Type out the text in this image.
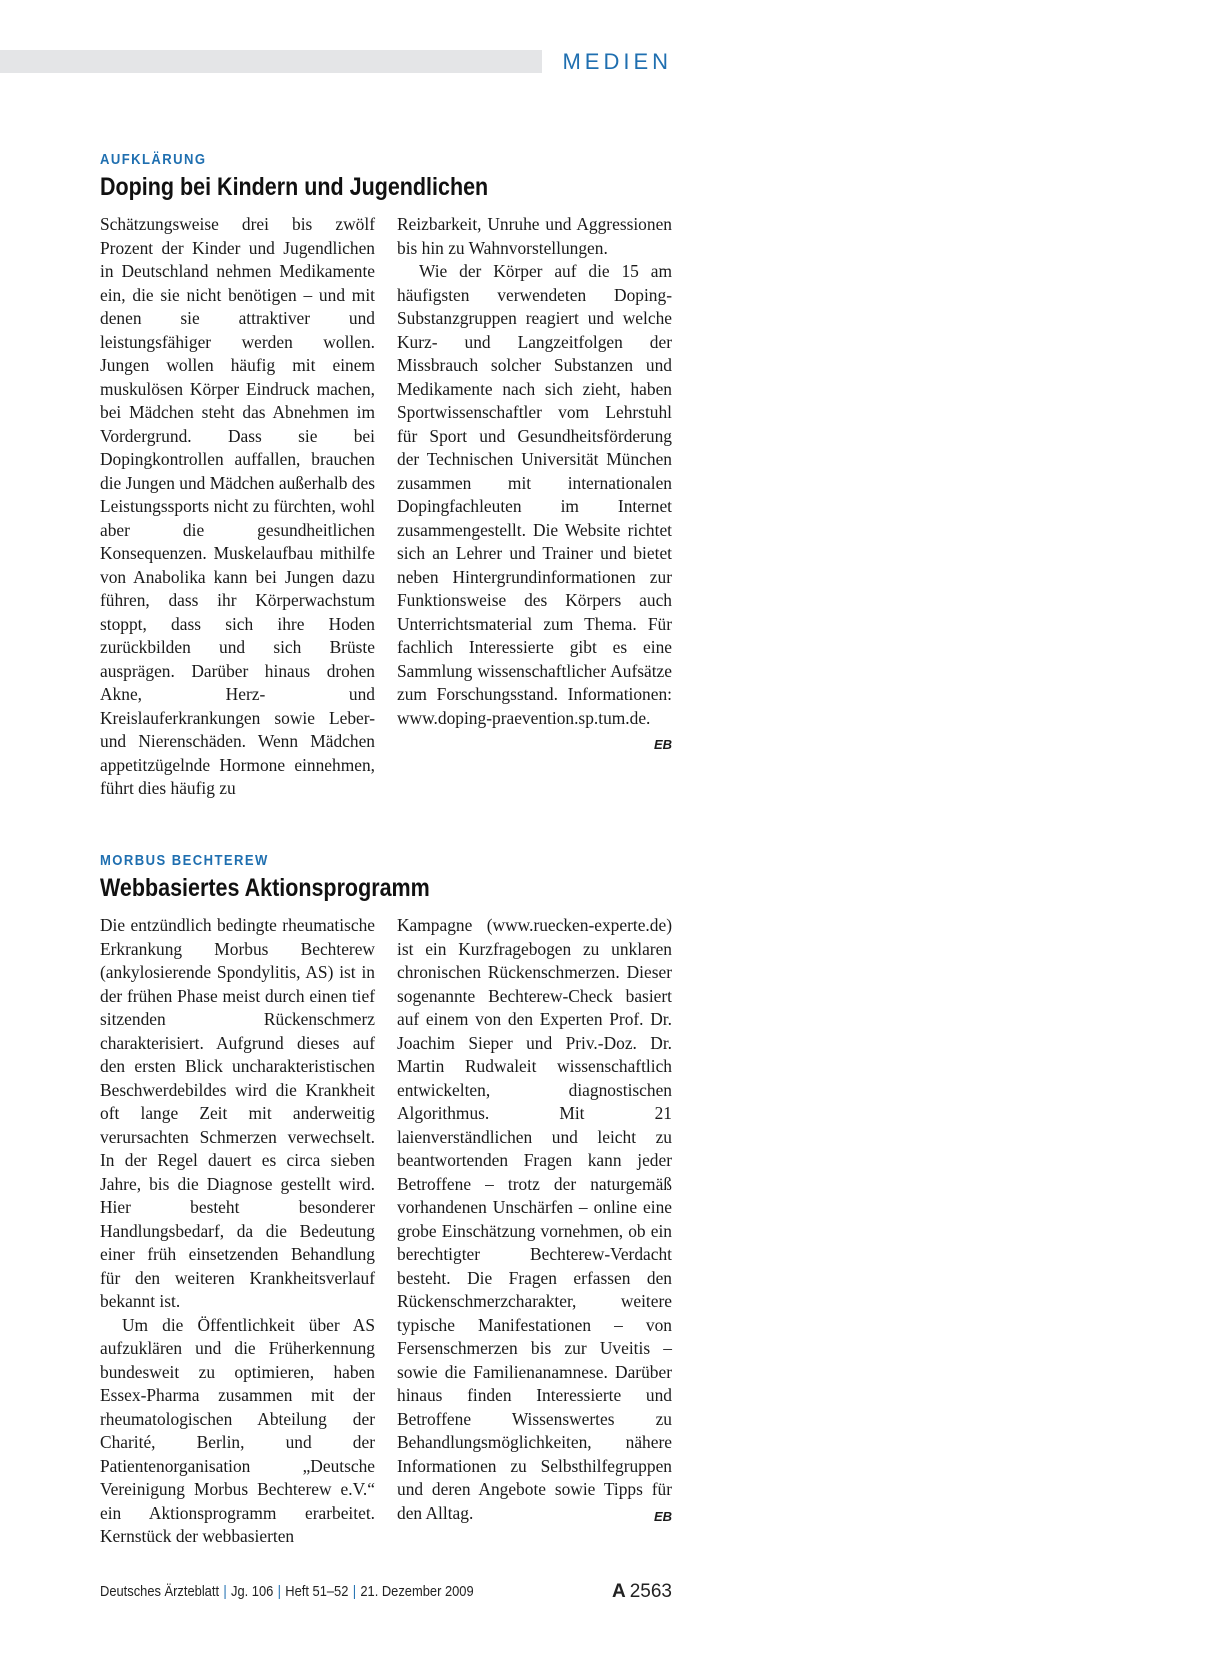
MEDIEN
AUFKLÄRUNG
Doping bei Kindern und Jugendlichen

Schätzungsweise drei bis zwölf Prozent der Kinder und Jugendlichen in Deutschland nehmen Medikamente ein, die sie nicht benötigen – und mit denen sie attraktiver und leistungsfähiger werden wollen. Jungen wollen häufig mit einem muskulösen Körper Eindruck machen, bei Mädchen steht das Abnehmen im Vordergrund. Dass sie bei Dopingkontrollen auffallen, brauchen die Jungen und Mädchen außerhalb des Leistungssports nicht zu fürchten, wohl aber die gesundheitlichen Konsequenzen. Muskelaufbau mithilfe von Anabolika kann bei Jungen dazu führen, dass ihr Körperwachstum stoppt, dass sich ihre Hoden zurückbilden und sich Brüste ausprägen. Darüber hinaus drohen Akne, Herz- und Kreislauferkrankungen sowie Leber- und Nierenschäden. Wenn Mädchen appetitzügelnde Hormone einnehmen, führt dies häufig zu

Reizbarkeit, Unruhe und Aggressionen bis hin zu Wahnvorstellungen.

Wie der Körper auf die 15 am häufigsten verwendeten Doping-Substanzgruppen reagiert und welche Kurz- und Langzeitfolgen der Missbrauch solcher Substanzen und Medikamente nach sich zieht, haben Sportwissenschaftler vom Lehrstuhl für Sport und Gesundheitsförderung der Technischen Universität München zusammen mit internationalen Dopingfachleuten im Internet zusammengestellt. Die Website richtet sich an Lehrer und Trainer und bietet neben Hintergrundinformationen zur Funktionsweise des Körpers auch Unterrichtsmaterial zum Thema. Für fachlich Interessierte gibt es eine Sammlung wissenschaftlicher Aufsätze zum Forschungsstand. Informationen: www.doping-praevention.sp.tum.de.
EB

MORBUS BECHTEREW
Webbasiertes Aktionsprogramm

Die entzündlich bedingte rheumatische Erkrankung Morbus Bechterew (ankylosierende Spondylitis, AS) ist in der frühen Phase meist durch einen tief sitzenden Rückenschmerz charakterisiert. Aufgrund dieses auf den ersten Blick uncharakteristischen Beschwerdebildes wird die Krankheit oft lange Zeit mit anderweitig verursachten Schmerzen verwechselt. In der Regel dauert es circa sieben Jahre, bis die Diagnose gestellt wird. Hier besteht besonderer Handlungsbedarf, da die Bedeutung einer früh einsetzenden Behandlung für den weiteren Krankheitsverlauf bekannt ist.

Um die Öffentlichkeit über AS aufzuklären und die Früherkennung bundesweit zu optimieren, haben Essex-Pharma zusammen mit der rheumatologischen Abteilung der Charité, Berlin, und der Patientenorganisation „Deutsche Vereinigung Morbus Bechterew e.V.“ ein Aktionsprogramm erarbeitet. Kernstück der webbasierten

Kampagne (www.ruecken-experte.de) ist ein Kurzfragebogen zu unklaren chronischen Rückenschmerzen. Dieser sogenannte Bechterew-Check basiert auf einem von den Experten Prof. Dr. Joachim Sieper und Priv.-Doz. Dr. Martin Rudwaleit wissenschaftlich entwickelten, diagnostischen Algorithmus. Mit 21 laienverständlichen und leicht zu beantwortenden Fragen kann jeder Betroffene – trotz der naturgemäß vorhandenen Unschärfen – online eine grobe Einschätzung vornehmen, ob ein berechtigter Bechterew-Verdacht besteht. Die Fragen erfassen den Rückenschmerzcharakter, weitere typische Manifestationen – von Fersenschmerzen bis zur Uveitis – sowie die Familienanamnese. Darüber hinaus finden Interessierte und Betroffene Wissenswertes zu Behandlungsmöglichkeiten, nähere Informationen zu Selbsthilfegruppen und deren Angebote sowie Tipps für den Alltag.	EB

Deutsches Ärzteblatt | Jg. 106 | Heft 51–52 | 21. Dezember 2009	A 2563
